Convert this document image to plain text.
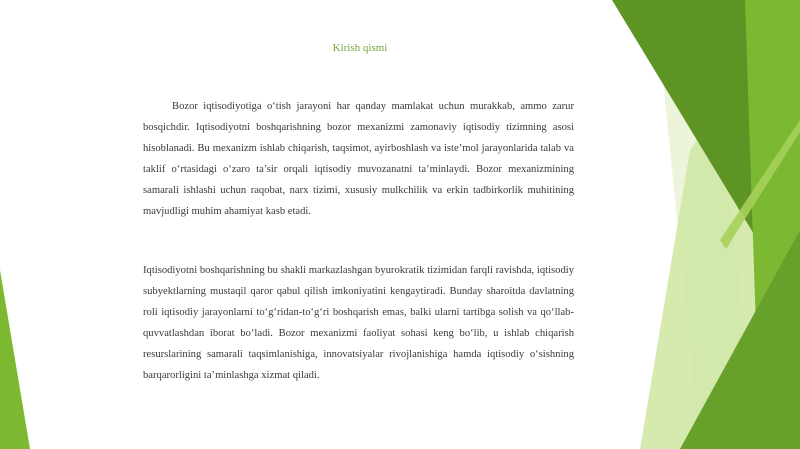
Kirish qismi

Bozor iqtisodiyotiga o‘tish jarayoni har qanday mamlakat uchun murakkab, ammo zarur bosqichdir. Iqtisodiyotni boshqarishning bozor mexanizmi zamonaviy iqtisodiy tizimning asosi hisoblanadi. Bu mexanizm ishlab chiqarish, taqsimot, ayirboshlash va iste’mol jarayonlarida talab va taklif o‘rtasidagi o‘zaro ta’sir orqali iqtisodiy muvozanatni ta’minlaydi. Bozor mexanizmining samarali ishlashi uchun raqobat, narx tizimi, xususiy mulkchilik va erkin tadbirkorlik muhitining mavjudligi muhim ahamiyat kasb etadi.

Iqtisodiyotni boshqarishning bu shakli markazlashgan byurokratik tizimidan farqli ravishda, iqtisodiy subyektlarning mustaqil qaror qabul qilish imkoniyatini kengaytiradi. Bunday sharoitda davlatning roli iqtisodiy jarayonlarni to‘g‘ridan-to‘g‘ri boshqarish emas, balki ularni tartibga solish va qo‘llab-quvvatlashdan iborat bo‘ladi. Bozor mexanizmi faoliyat sohasi keng bo‘lib, u ishlab chiqarish resurslarining samarali taqsimlanishiga, innovatsiyalar rivojlanishiga hamda iqtisodiy o‘sishning barqarorligini ta’minlashga xizmat qiladi.
